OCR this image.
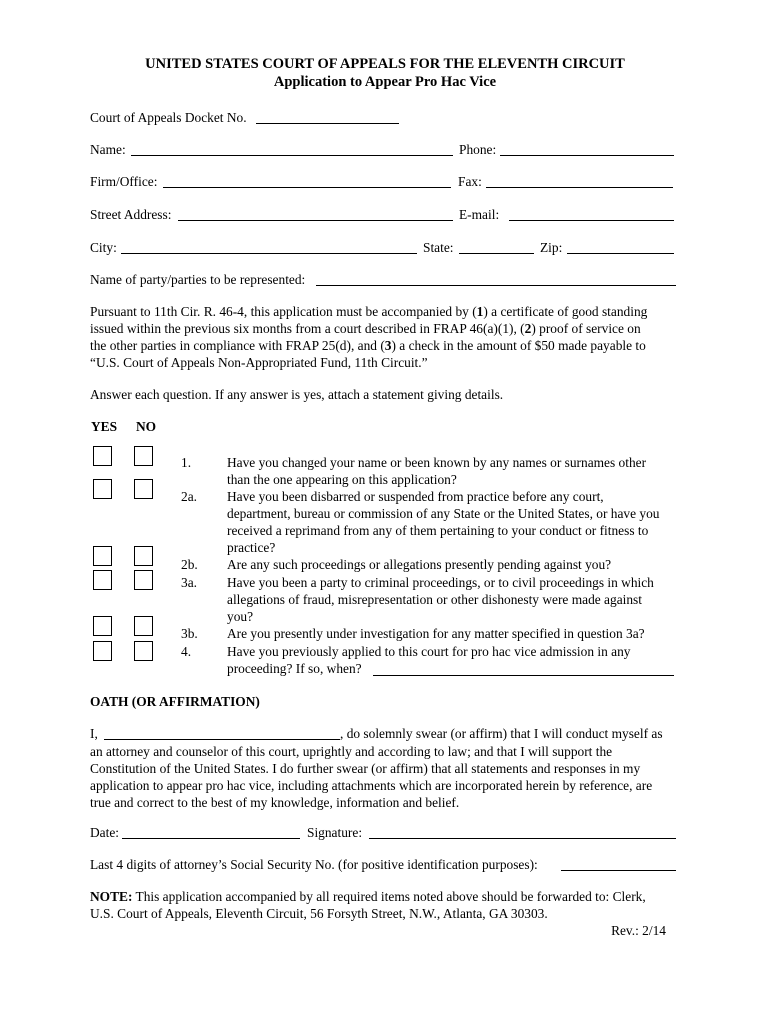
UNITED STATES COURT OF APPEALS FOR THE ELEVENTH CIRCUIT
Application to Appear Pro Hac Vice
Court of Appeals Docket No.
Name:	Phone:
Firm/Office:	Fax:
Street Address:	E-mail:
City:	State:	Zip:
Name of party/parties to be represented:
Pursuant to 11th Cir. R. 46-4, this application must be accompanied by (1) a certificate of good standing
issued within the previous six months from a court described in FRAP 46(a)(1), (2) proof of service on
the other parties in compliance with FRAP 25(d), and (3) a check in the amount of $50 made payable to
“U.S. Court of Appeals Non-Appropriated Fund, 11th Circuit.”
Answer each question. If any answer is yes, attach a statement giving details.
YES NO
1.	Have you changed your name or been known by any names or surnames other
than the one appearing on this application?
2a. Have you been disbarred or suspended from practice before any court,
department, bureau or commission of any State or the United States, or have you
received a reprimand from any of them pertaining to your conduct or fitness to
practice?
2b. Are any such proceedings or allegations presently pending against you?
3a. Have you been a party to criminal proceedings, or to civil proceedings in which
allegations of fraud, misrepresentation or other dishonesty were made against
you?
3b. Are you presently under investigation for any matter specified in question 3a?
4.	Have you previously applied to this court for pro hac vice admission in any
proceeding? If so, when?
OATH (OR AFFIRMATION)
I,	, do solemnly swear (or affirm) that I will conduct myself as
an attorney and counselor of this court, uprightly and according to law; and that I will support the
Constitution of the United States. I do further swear (or affirm) that all statements and responses in my
application to appear pro hac vice, including attachments which are incorporated herein by reference, are
true and correct to the best of my knowledge, information and belief.
Date:	Signature:
Last 4 digits of attorney’s Social Security No. (for positive identification purposes):
NOTE: This application accompanied by all required items noted above should be forwarded to: Clerk,
U.S. Court of Appeals, Eleventh Circuit, 56 Forsyth Street, N.W., Atlanta, GA 30303.
Rev.: 2/14
